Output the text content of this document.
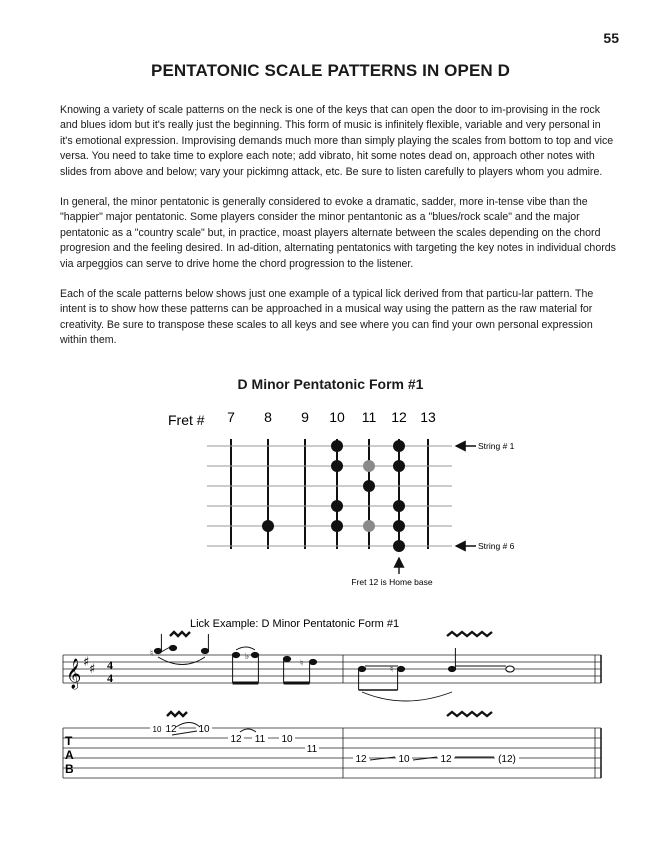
55
PENTATONIC SCALE PATTERNS IN OPEN D

Knowing a variety of scale patterns on the neck is one of the keys that can open the door to im-provising in the rock and blues idom but it's really just the beginning. This form of music is infinitely flexible, variable and very personal in it's emotional expression. Improvising demands much more than simply playing the scales from bottom to top and vice versa. You need to take time to explore each note; add vibrato, hit some notes dead on, approach other notes with slides from above and below; vary your pickimng attack, etc. Be sure to listen carefully to players whom you admire.

In general, the minor pentatonic is generally considered to evoke a dramatic, sadder, more in-tense vibe than the "happier" major pentatonic. Some players consider the minor pentantonic as a "blues/rock scale" and the major pentatonic as a "country scale" but, in practice, moast players alternate between the scales depending on the chord progresion and the feeling desired. In ad-dition, alternating pentatonics with targeting the key notes in individual chords via arpeggios can serve to drive home the chord progression to the listener.

Each of the scale patterns below shows just one example of a typical lick derived from that particu-lar pattern. The intent is to show how these patterns can be approached in a musical way using the pattern as the raw material for creativity. Be sure to transpose these scales to all keys and see where you can find your own personal expression within them.

D Minor Pentatonic Form #1
Fret # 7 8 9 10 11 12 13
String # 1
String # 6
Fret 12 is Home base
Lick Example: D Minor Pentatonic Form #1
𝄞 ♯ ♯ 4
4
♭
♮
♮
♮
T
A
B
10 12 10
12 11 10
11
12	10	12	(12)
